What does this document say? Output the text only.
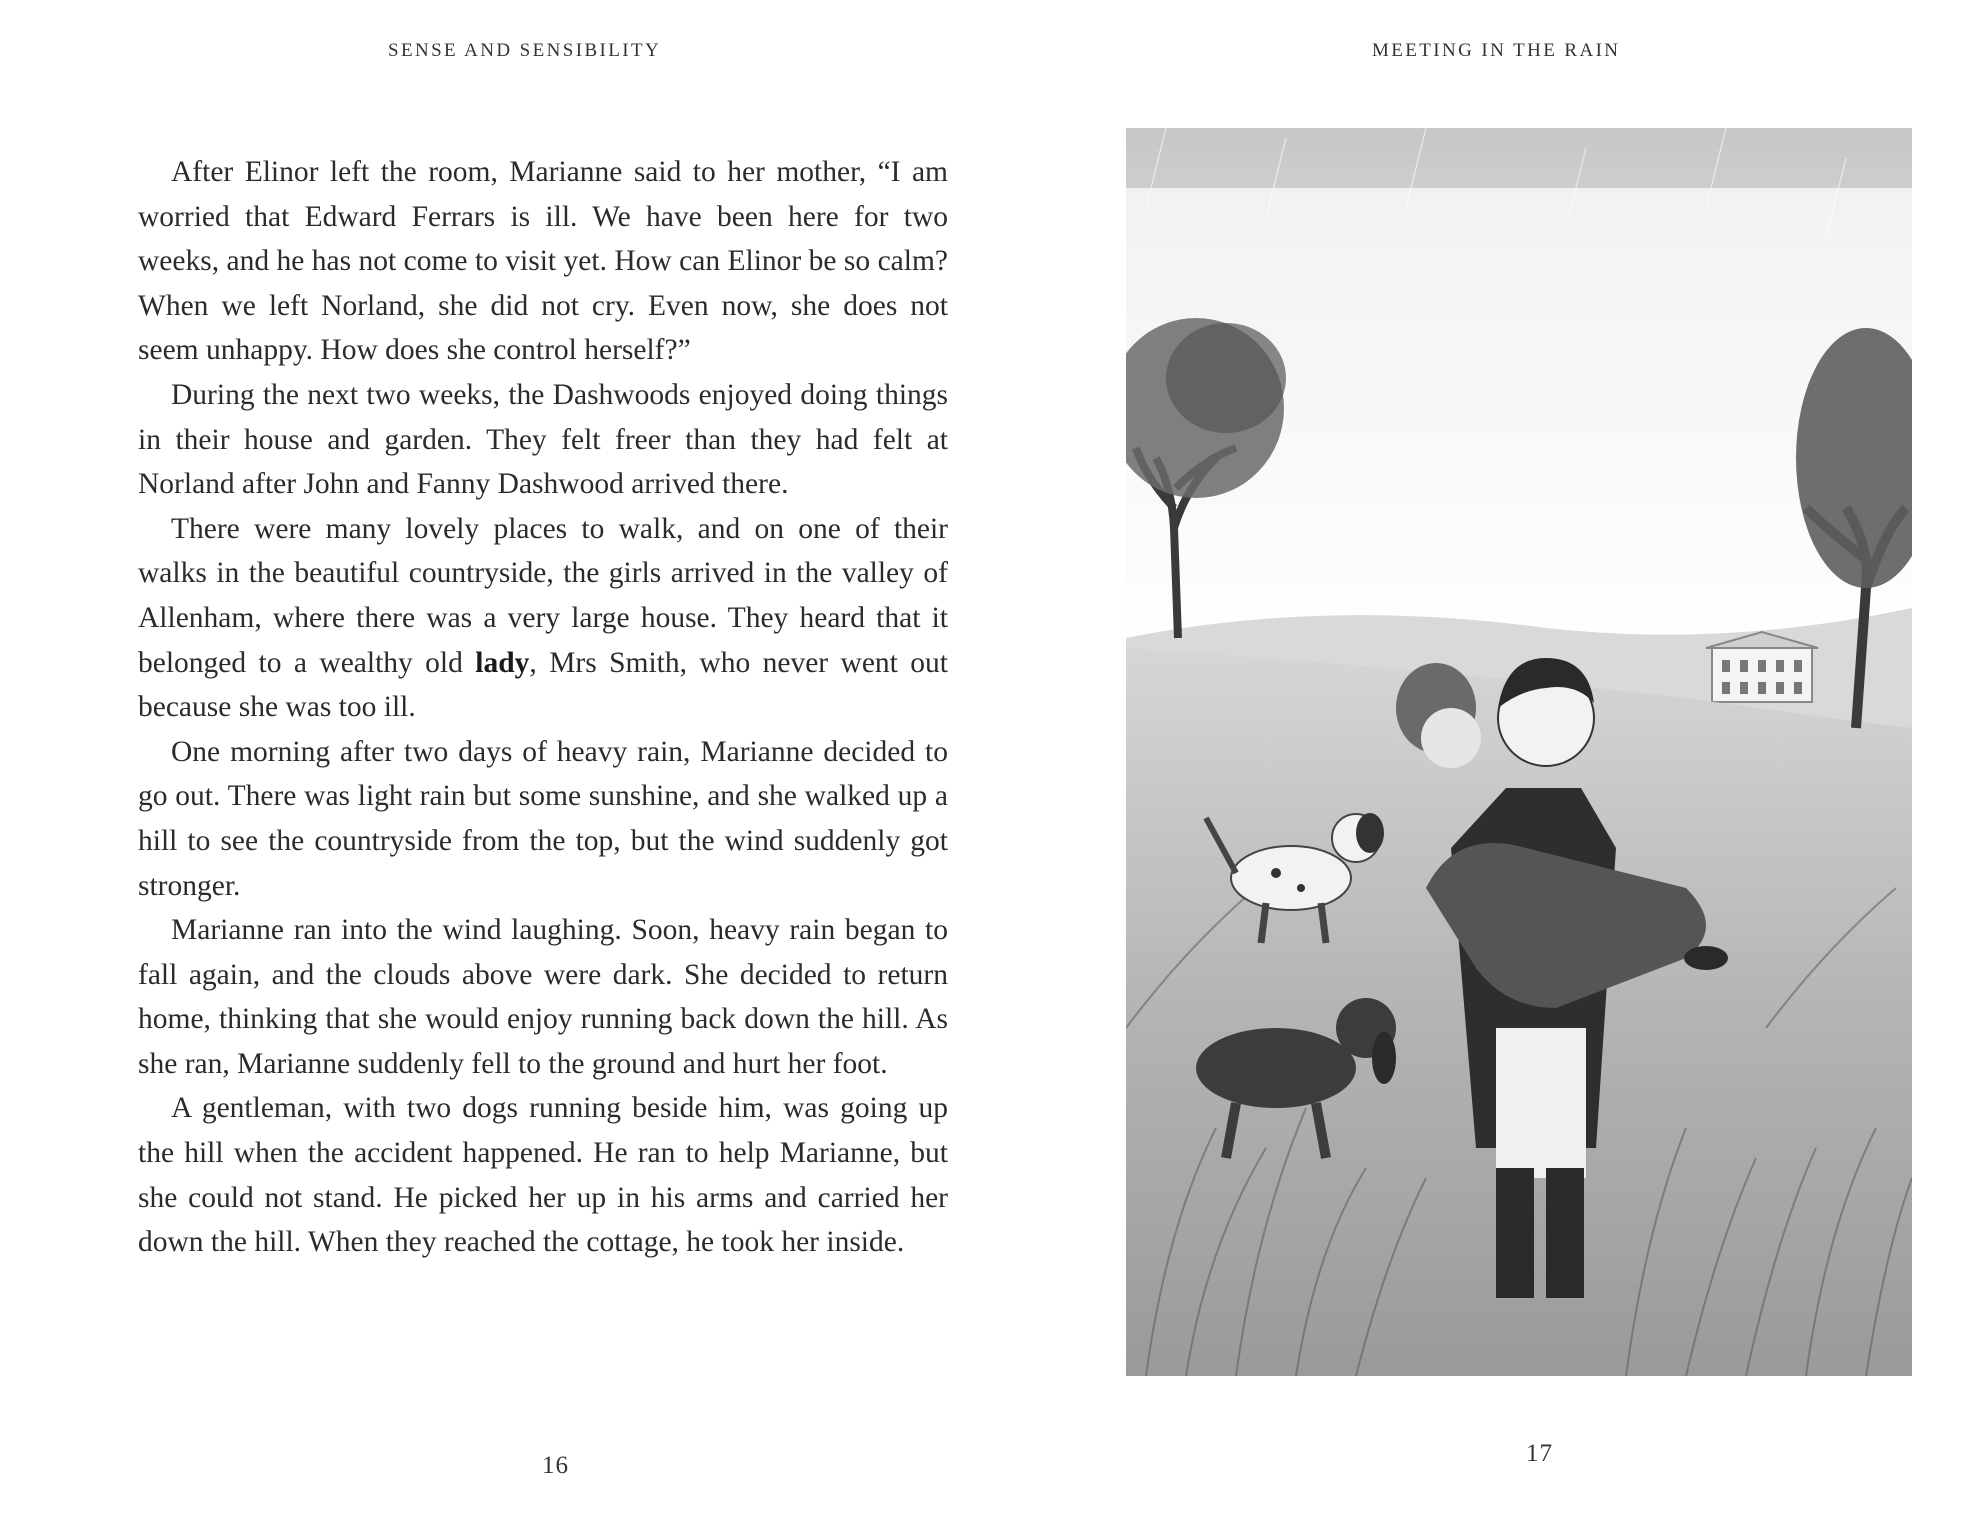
SENSE AND SENSIBILITY	MEETING IN THE RAIN

After Elinor left the room, Marianne said to her mother, “I am worried that Edward Ferrars is ill. We have been here for two weeks, and he has not come to visit yet. How can Elinor be so calm? When we left Norland, she did not cry. Even now, she does not seem unhappy. How does she control herself?”

During the next two weeks, the Dashwoods enjoyed doing things in their house and garden. They felt freer than they had felt at Norland after John and Fanny Dashwood arrived there.

There were many lovely places to walk, and on one of their walks in the beautiful countryside, the girls arrived in the valley of Allenham, where there was a very large house. They heard that it belonged to a wealthy old lady, Mrs Smith, who never went out because she was too ill.

One morning after two days of heavy rain, Marianne decided to go out. There was light rain but some sunshine, and she walked up a hill to see the countryside from the top, but the wind suddenly got stronger.

Marianne ran into the wind laughing. Soon, heavy rain began to fall again, and the clouds above were dark. She decided to return home, thinking that she would enjoy running back down the hill. As she ran, Marianne suddenly fell to the ground and hurt her foot.

A gentleman, with two dogs running beside him, was going up the hill when the accident happened. He ran to help Marianne, but she could not stand. He picked her up in his arms and carried her down the hill. When they reached the cottage, he took her inside.

16	17
